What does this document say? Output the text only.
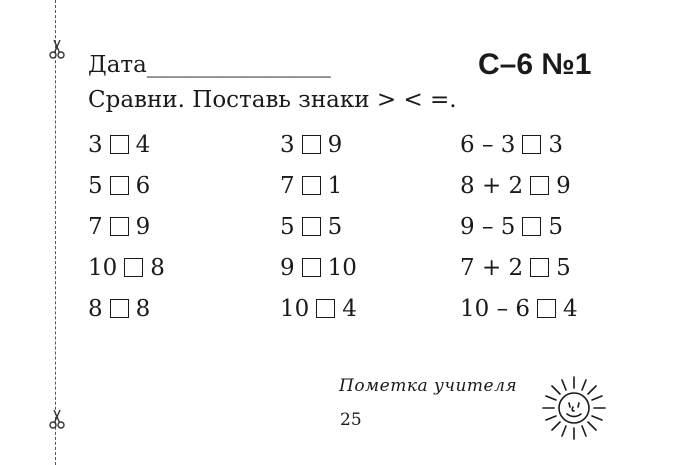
Дата________________	С–6 №1
Сравни. Поставь знаки > < =.
3 4
5 6
7 9
10 8
8 8
3 9
7 1
5 5
9 10
10 4
6 – 3 3
8 + 2 9
9 – 5 5
7 + 2 5
10 – 6 4
Пометка учителя
25
